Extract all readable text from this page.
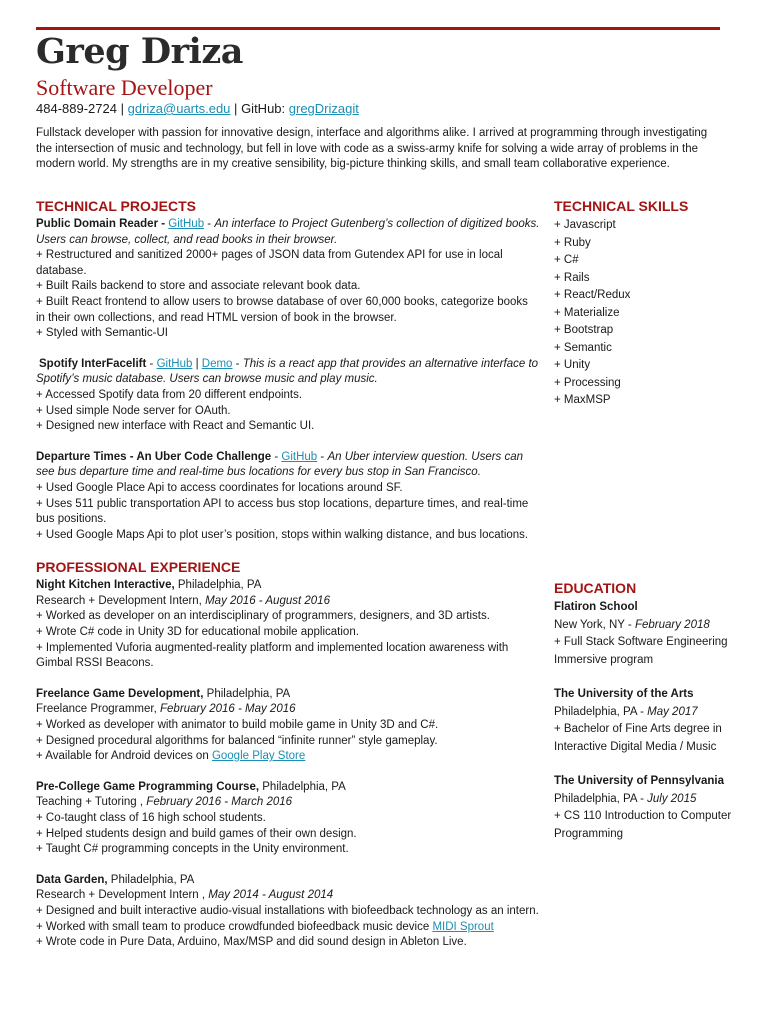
Greg Driza
Software Developer
484-889-2724 | gdriza@uarts.edu | GitHub: gregDrizagit
Fullstack developer with passion for innovative design, interface and algorithms alike. I arrived at programming through investigating the intersection of music and technology, but fell in love with code as a swiss-army knife for solving a wide array of problems in the modern world. My strengths are in my creative sensibility, big-picture thinking skills, and small team collaborative experience.
TECHNICAL PROJECTS
Public Domain Reader - GitHub - An interface to Project Gutenberg’s collection of digitized books. Users can browse, collect, and read books in their browser.
+ Restructured and sanitized 2000+ pages of JSON data from Gutendex API for use in local database.
+ Built Rails backend to store and associate relevant book data.
+ Built React frontend to allow users to browse database of over 60,000 books, categorize books in their own collections, and read HTML version of book in the browser.
+ Styled with Semantic-UI
Spotify InterFacelift - GitHub | Demo - This is a react app that provides an alternative interface to Spotify’s music database. Users can browse music and play music.
+ Accessed Spotify data from 20 different endpoints.
+ Used simple Node server for OAuth.
+ Designed new interface with React and Semantic UI.
Departure Times - An Uber Code Challenge - GitHub - An Uber interview question. Users can see bus departure time and real-time bus locations for every bus stop in San Francisco.
+ Used Google Place Api to access coordinates for locations around SF.
+ Uses 511 public transportation API to access bus stop locations, departure times, and real-time bus positions.
+ Used Google Maps Api to plot user’s position, stops within walking distance, and bus locations.
PROFESSIONAL EXPERIENCE
Night Kitchen Interactive, Philadelphia, PA
Research + Development Intern, May 2016 - August 2016
+ Worked as developer on an interdisciplinary of programmers, designers, and 3D artists.
+ Wrote C# code in Unity 3D for educational mobile application.
+ Implemented Vuforia augmented-reality platform and implemented location awareness with Gimbal RSSI Beacons.
Freelance Game Development, Philadelphia, PA
Freelance Programmer, February 2016 - May 2016
+ Worked as developer with animator to build mobile game in Unity 3D and C#.
+ Designed procedural algorithms for balanced “infinite runner” style gameplay.
+ Available for Android devices on Google Play Store
Pre-College Game Programming Course, Philadelphia, PA
Teaching + Tutoring , February 2016 - March 2016
+ Co-taught class of 16 high school students.
+ Helped students design and build games of their own design.
+ Taught C# programming concepts in the Unity environment.
Data Garden, Philadelphia, PA
Research + Development Intern , May 2014 - August 2014
+ Designed and built interactive audio-visual installations with biofeedback technology as an intern.
+ Worked with small team to produce crowdfunded biofeedback music device MIDI Sprout
+ Wrote code in Pure Data, Arduino, Max/MSP and did sound design in Ableton Live.
TECHNICAL SKILLS
+ Javascript
+ Ruby
+ C#
+ Rails
+ React/Redux
+ Materialize
+ Bootstrap
+ Semantic
+ Unity
+ Processing
+ MaxMSP
EDUCATION
Flatiron School
New York, NY - February 2018
+ Full Stack Software Engineering Immersive program
The University of the Arts
Philadelphia, PA - May 2017
+ Bachelor of Fine Arts degree in Interactive Digital Media / Music
The University of Pennsylvania
Philadelphia, PA - July 2015
+ CS 110 Introduction to Computer Programming
